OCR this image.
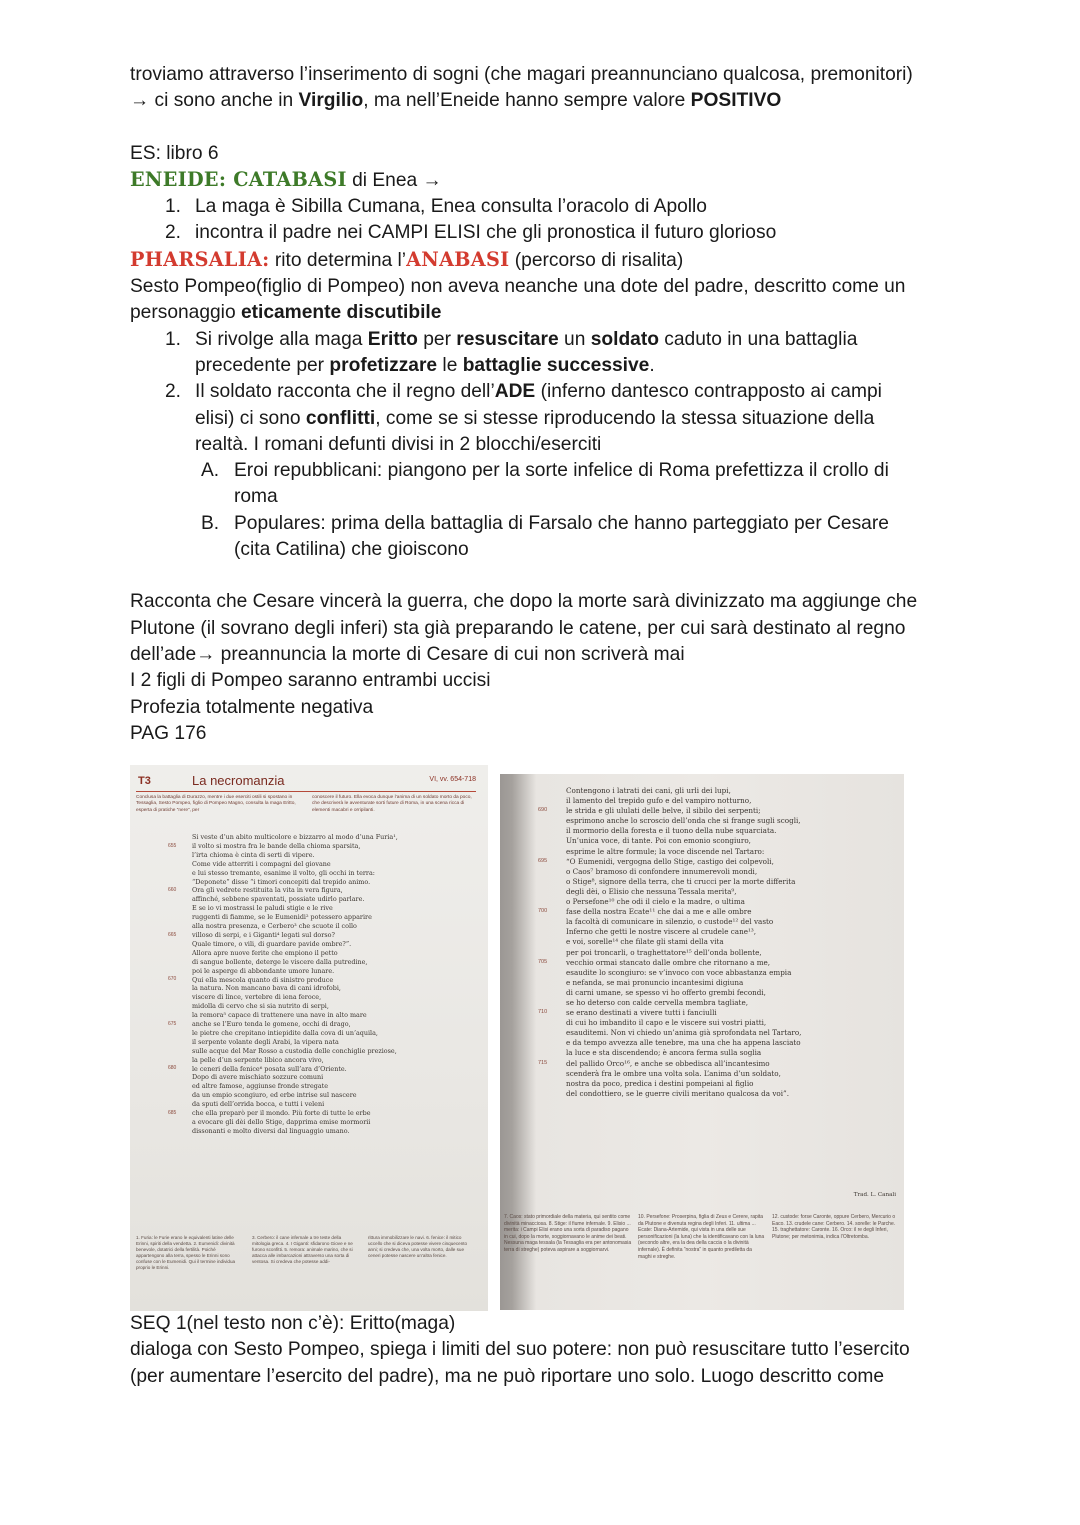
troviamo attraverso l’inserimento di sogni (che magari preannunciano qualcosa, premonitori)

→ ci sono anche in Virgilio, ma nell’Eneide hanno sempre valore POSITIVO

ES: libro 6

ENEIDE: CATABASI di Enea →

1. La maga è Sibilla Cumana, Enea consulta l’oracolo di Apollo
2. incontra il padre nei CAMPI ELISI che gli pronostica il futuro glorioso

PHARSALIA: rito determina l’ANABASI (percorso di risalita)

Sesto Pompeo(figlio di Pompeo) non aveva neanche una dote del padre, descritto come un

personaggio eticamente discutibile

1. Si rivolge alla maga Eritto per resuscitare un soldato caduto in una battaglia
precedente per profetizzare le battaglie successive.
2. Il soldato racconta che il regno dell’ADE (inferno dantesco contrapposto ai campi
elisi) ci sono conflitti, come se si stesse riproducendo la stessa situazione della
realtà. I romani defunti divisi in 2 blocchi/eserciti
A. Eroi repubblicani: piangono per la sorte infelice di Roma prefettizza il crollo di
roma
B. Populares: prima della battaglia di Farsalo che hanno parteggiato per Cesare
(cita Catilina) che gioiscono

Racconta che Cesare vincerà la guerra, che dopo la morte sarà divinizzato ma aggiunge che

Plutone (il sovrano degli inferi) sta già preparando le catene, per cui sarà destinato al regno

dell’ade→ preannuncia la morte di Cesare di cui non scriverà mai

I 2 figli di Pompeo saranno entrambi uccisi

Profezia totalmente negativa

PAG 176

T3	La necromanzia	VI, vv. 654-718
Conclusa la battaglia di Durazzo, mentre i due eserciti ostili si spostano in Tessaglia, Sesto Pompeo, figlio di Pompeo Magno, consulta la maga Eritto, esperta di pratiche “nere”, per
conoscere il futuro. Ella evoca dunque l’anima di un soldato morto da poco, che descriverà le avventurate sorti future di Roma, in una scena ricca di elementi macabri e orripilanti.
655
660
665
670
675
680
685
Si veste d’un abito multicolore e bizzarro al modo d’una Furia¹,
il volto si mostra fra le bande della chioma sparsita,
l’irta chioma è cinta di serti di vipere.
Come vide atterriti i compagni del giovane
e lui stesso tremante, esanime il volto, gli occhi in terra:
“Deponete” disse “i timori concepiti dal trepido animo.
Ora gli vedrete restituita la vita in vera figura,
affinché, sebbene spaventati, possiate udirlo parlare.
E se io vi mostrassi le paludi stigie e le rive
ruggenti di fiamme, se le Eumenidi² potessero apparire
alla nostra presenza, e Cerbero³ che scuote il collo
villoso di serpi, e i Giganti⁴ legati sul dorso?
Quale timore, o vili, di guardare pavide ombre?”.
Allora apre nuove ferite che empiono il petto
di sangue bollente, deterge le viscere dalla putredine,
poi le asperge di abbondante umore lunare.
Qui ella mescola quanto di sinistro produce
la natura. Non mancano bava di cani idrofobi,
viscere di lince, vertebre di iena feroce,
midolla di cervo che si sia nutrito di serpi,
la remora⁵ capace di trattenere una nave in alto mare
anche se l’Euro tenda le gomene, occhi di drago,
le pietre che crepitano intiepidite dalla cova di un’aquila,
il serpente volante degli Arabi, la vipera nata
sulle acque del Mar Rosso a custodia delle conchiglie preziose,
la pelle d’un serpente libico ancora vivo,
le ceneri della fenice⁶ posata sull’ara d’Oriente.
Dopo di avere mischiato sozzure comuni
ed altre famose, aggiunse fronde stregate
da un empio scongiuro, ed erbe intrise sul nascere
da sputi dell’orrida bocca, e tutti i veleni
che ella preparò per il mondo. Più forte di tutte le erbe
a evocare gli dèi dello Stige, dapprima emise mormorii
dissonanti e molto diversi dal linguaggio umano.
1. Furia: le Furie erano le equivalenti latine delle Erinni, spiriti della vendetta. 2. Eumenidi: divinità benevole, dotatrici della fertilità. Poiché appartengono alla terra, spesso le Erinni sono confuse con le Eumenidi. Qui il termine individua proprio le Erinni.
3. Cerbero: il cane infernale a tre teste della mitologia greca. 4. I Giganti: sfidarono Giove e ne furono sconfitti. 5. remora: animale marino, che si attacca alle imbarcazioni attraverso una sorta di ventosa. Si credeva che potesse addi-
rittura immobilizzare le navi. 6. fenice: il mitico uccello che si diceva potesse vivere cinquecento anni; si credeva che, una volta morto, dalle sue ceneri potesse nascere un’altra fenice.
690
695
700
705
710
715
Contengono i latrati dei cani, gli urli dei lupi,
il lamento del trepido gufo e del vampiro notturno,
le strida e gli ululati delle belve, il sibilo dei serpenti;
esprimono anche lo scroscio dell’onda che si frange sugli scogli,
il mormorio della foresta e il tuono della nube squarciata.
Un’unica voce, di tante. Poi con emonio scongiuro,
esprime le altre formule; la voce discende nel Tartaro:
“O Eumenidi, vergogna dello Stige, castigo dei colpevoli,
o Caos⁷ bramoso di confondere innumerevoli mondi,
o Stige⁸, signore della terra, che ti crucci per la morte differita
degli dèi, o Elisio che nessuna Tessala merita⁹,
o Persefone¹⁰ che odi il cielo e la madre, o ultima
fase della nostra Ecate¹¹ che dai a me e alle ombre
la facoltà di comunicare in silenzio, o custode¹² del vasto
Inferno che getti le nostre viscere al crudele cane¹³,
e voi, sorelle¹⁴ che filate gli stami della vita
per poi troncarli, o traghettatore¹⁵ dell’onda bollente,
vecchio ormai stancato dalle ombre che ritornano a me,
esaudite lo scongiuro: se v’invoco con voce abbastanza empia
e nefanda, se mai pronuncio incantesimi digiuna
di carni umane, se spesso vi ho offerto grembi fecondi,
se ho deterso con calde cervella membra tagliate,
se erano destinati a vivere tutti i fanciulli
di cui ho imbandito il capo e le viscere sui vostri piatti,
esauditemi. Non vi chiedo un’anima già sprofondata nel Tartaro,
e da tempo avvezza alle tenebre, ma una che ha appena lasciato
la luce e sta discendendo; è ancora ferma sulla soglia
del pallido Orco¹⁶, e anche se obbedisca all’incantesimo
scenderà fra le ombre una volta sola. L’anima d’un soldato,
nostra da poco, predica i destini pompeiani al figlio
del condottiero, se le guerre civili meritano qualcosa da voi”.
Trad. L. Canali
7. Caos: stato primordiale della materia, qui sentito come divinità minacciosa. 8. Stige: il fiume infernale. 9. Elisio ... merita: i Campi Elisi erano una sorta di paradiso pagano in cui, dopo la morte, soggiornavano le anime dei beati. Nessuna maga tessala (la Tessaglia era per antonomasia terra di streghe) poteva aspirare a soggiornarvi.
10. Persefone: Proserpina, figlia di Zeus e Cerere, rapita da Plutone e divenuta regina degli Inferi. 11. ultima ... Ecate: Diana-Artemide, qui vista in una delle sue personificazioni (la luna) che la identificavano con la luna (secondo altre, era la dea della caccia o la divinità infernale). È definita “nostra” in quanto prediletta da maghi e streghe.
12. custode: forse Caronte, oppure Cerbero, Mercurio o Eaco. 13. crudele cane: Cerbero. 14. sorelle: le Parche. 15. traghettatore: Caronte. 16. Orco: il re degli Inferi, Plutone; per metonimia, indica l’Oltretomba.

SEQ 1(nel testo non c’è): Eritto(maga)

dialoga con Sesto Pompeo, spiega i limiti del suo potere: non può resuscitare tutto l’esercito

(per aumentare l’esercito del padre), ma ne può riportare uno solo. Luogo descritto come
